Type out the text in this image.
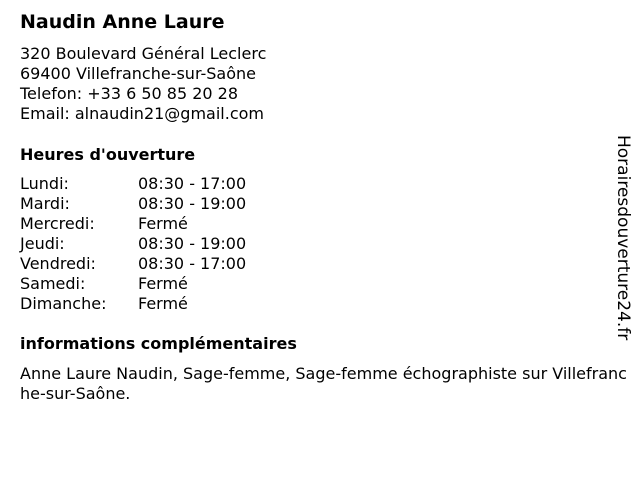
Naudin Anne Laure
320 Boulevard Général Leclerc
69400 Villefranche-sur-Saône
Telefon: +33 6 50 85 20 28
Email: alnaudin21@gmail.com
Heures d'ouverture
Lundi:	08:30 - 17:00
Mardi:	08:30 - 19:00
Mercredi:	Fermé
Jeudi:	08:30 - 19:00
Vendredi:	08:30 - 17:00
Samedi:	Fermé
Dimanche:	Fermé
informations complémentaires
Anne Laure Naudin, Sage-femme, Sage-femme échographiste sur Villefranche-sur-Saône.
Horairesdouverture24.fr
